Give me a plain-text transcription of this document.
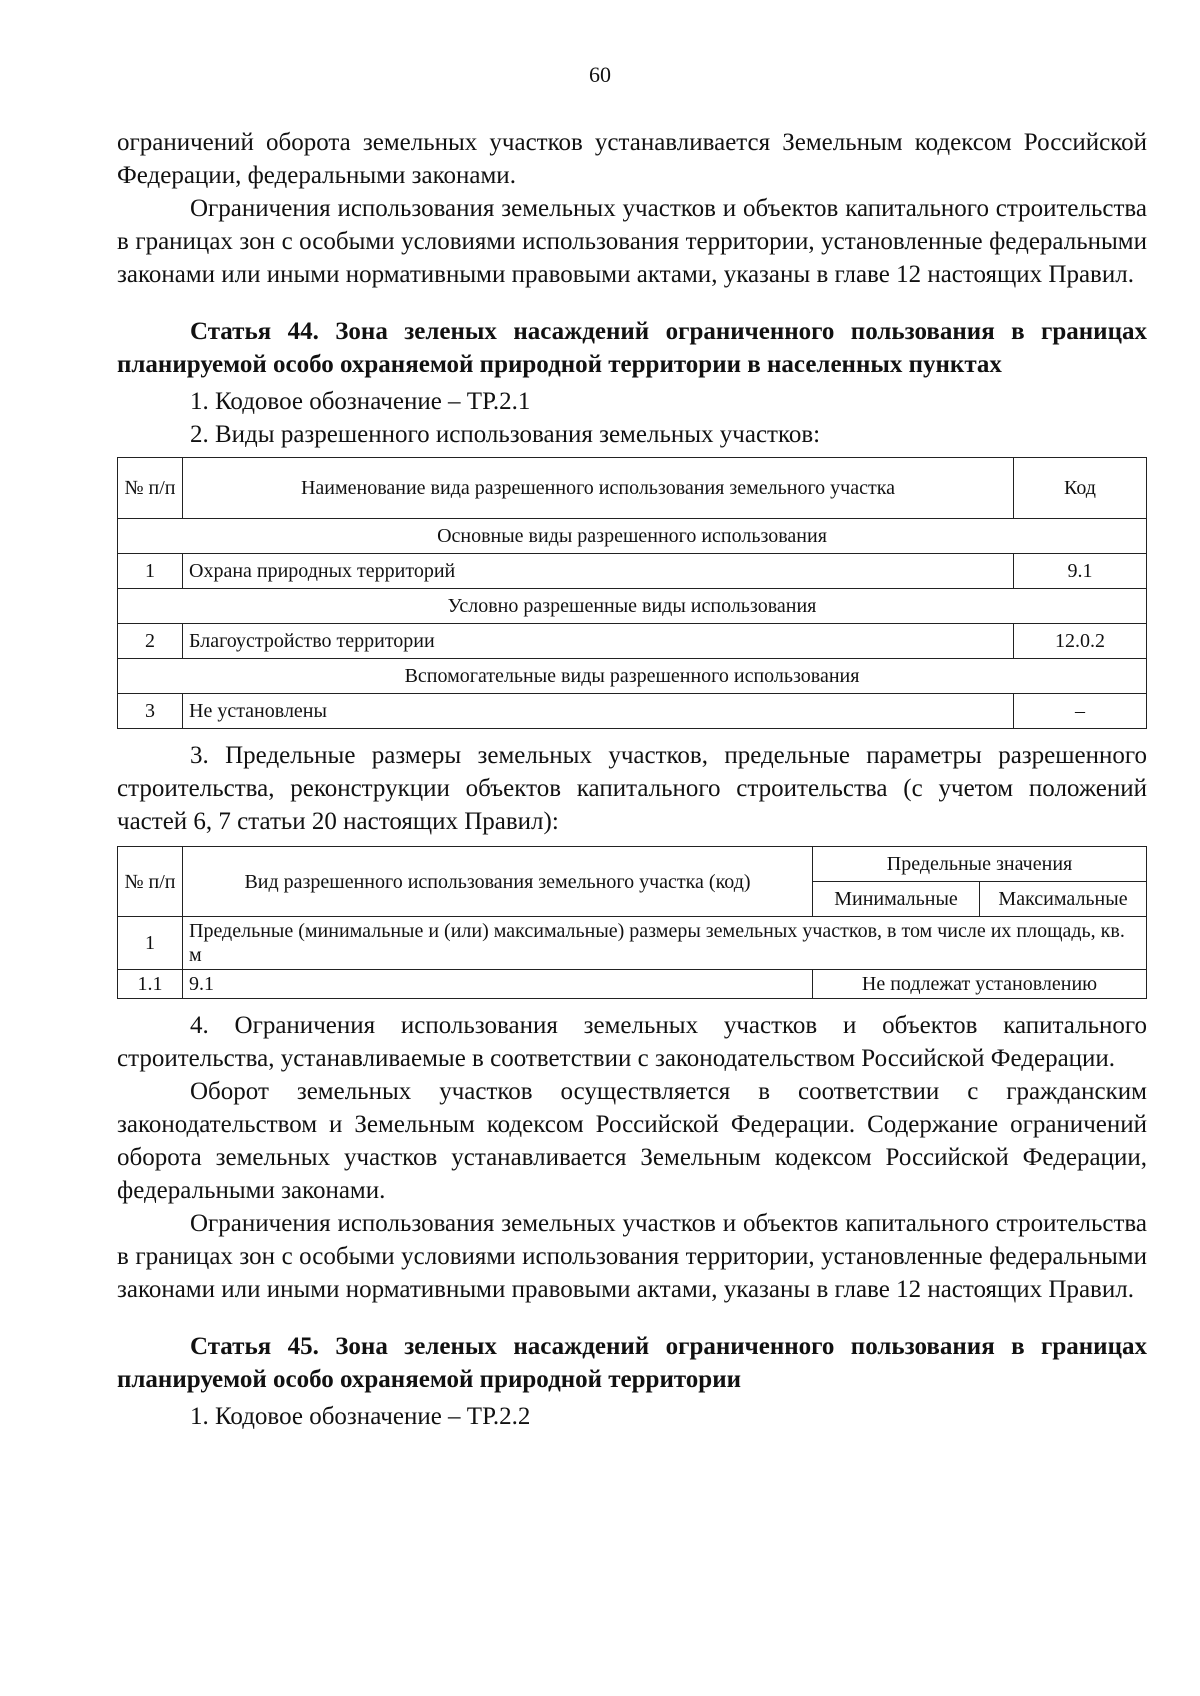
60

ограничений оборота земельных участков устанавливается Земельным кодексом Российской Федерации, федеральными законами.

Ограничения использования земельных участков и объектов капитального строительства в границах зон с особыми условиями использования территории, установленные федеральными законами или иными нормативными правовыми актами, указаны в главе 12 настоящих Правил.

Статья 44. Зона зеленых насаждений ограниченного пользования в границах планируемой особо охраняемой природной территории в населенных пунктах

1. Кодовое обозначение – ТР.2.1

2. Виды разрешенного использования земельных участков:

№ п/п	Наименование вида разрешенного использования земельного участка	Код
Основные виды разрешенного использования		
1	Охрана природных территорий	9.1
Условно разрешенные виды использования		
2	Благоустройство территории	12.0.2
Вспомогательные виды разрешенного использования		
3	Не установлены	–

3. Предельные размеры земельных участков, предельные параметры разрешенного строительства, реконструкции объектов капитального строительства (с учетом положений частей 6, 7 статьи 20 настоящих Правил):

№ п/п	Вид разрешенного использования земельного участка (код)	Предельные значения	
		Минимальные	Максимальные
1	Предельные (минимальные и (или) максимальные) размеры земельных участков, в том числе их площадь, кв. м		
1.1	9.1	Не подлежат установлению	

4. Ограничения использования земельных участков и объектов капитального строительства, устанавливаемые в соответствии с законодательством Российской Федерации.

Оборот земельных участков осуществляется в соответствии с гражданским законодательством и Земельным кодексом Российской Федерации. Содержание ограничений оборота земельных участков устанавливается Земельным кодексом Российской Федерации, федеральными законами.

Ограничения использования земельных участков и объектов капитального строительства в границах зон с особыми условиями использования территории, установленные федеральными законами или иными нормативными правовыми актами, указаны в главе 12 настоящих Правил.

Статья 45. Зона зеленых насаждений ограниченного пользования в границах планируемой особо охраняемой природной территории

1. Кодовое обозначение – ТР.2.2
